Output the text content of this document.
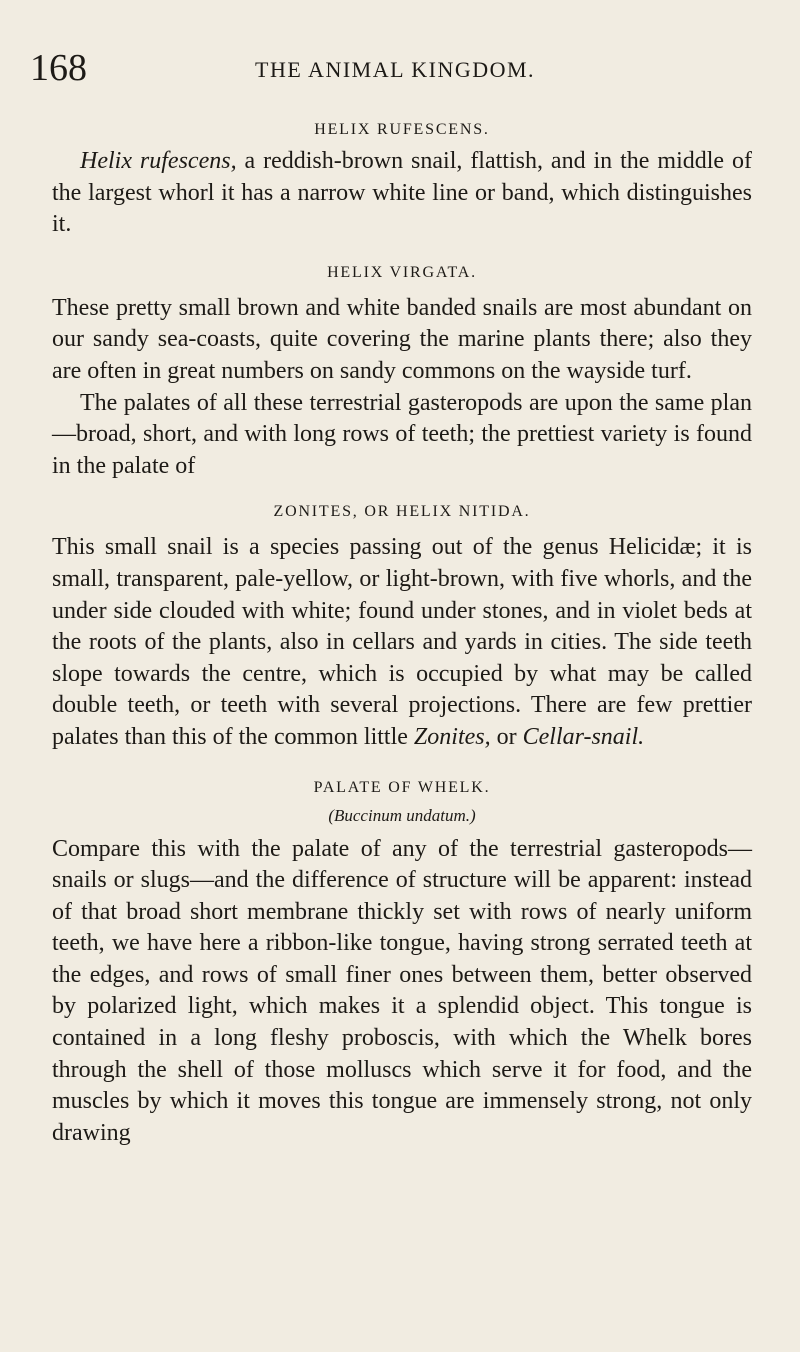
168	THE ANIMAL KINGDOM.

HELIX RUFESCENS.

Helix rufescens, a reddish-brown snail, flattish, and in the middle of the largest whorl it has a narrow white line or band, which distinguishes it.

HELIX VIRGATA.

These pretty small brown and white banded snails are most abundant on our sandy sea-coasts, quite covering the marine plants there; also they are often in great numbers on sandy commons on the wayside turf.

The palates of all these terrestrial gasteropods are upon the same plan—broad, short, and with long rows of teeth; the prettiest variety is found in the palate of

ZONITES, OR HELIX NITIDA.

This small snail is a species passing out of the genus Helicidæ; it is small, transparent, pale-yellow, or light-brown, with five whorls, and the under side clouded with white; found under stones, and in violet beds at the roots of the plants, also in cellars and yards in cities. The side teeth slope towards the centre, which is occupied by what may be called double teeth, or teeth with several projections. There are few prettier palates than this of the common little Zonites, or Cellar-snail.

PALATE OF WHELK.

(Buccinum undatum.)

Compare this with the palate of any of the terrestrial gasteropods—snails or slugs—and the difference of structure will be apparent: instead of that broad short membrane thickly set with rows of nearly uniform teeth, we have here a ribbon-like tongue, having strong serrated teeth at the edges, and rows of small finer ones between them, better observed by polarized light, which makes it a splendid object. This tongue is contained in a long fleshy proboscis, with which the Whelk bores through the shell of those molluscs which serve it for food, and the muscles by which it moves this tongue are immensely strong, not only drawing
